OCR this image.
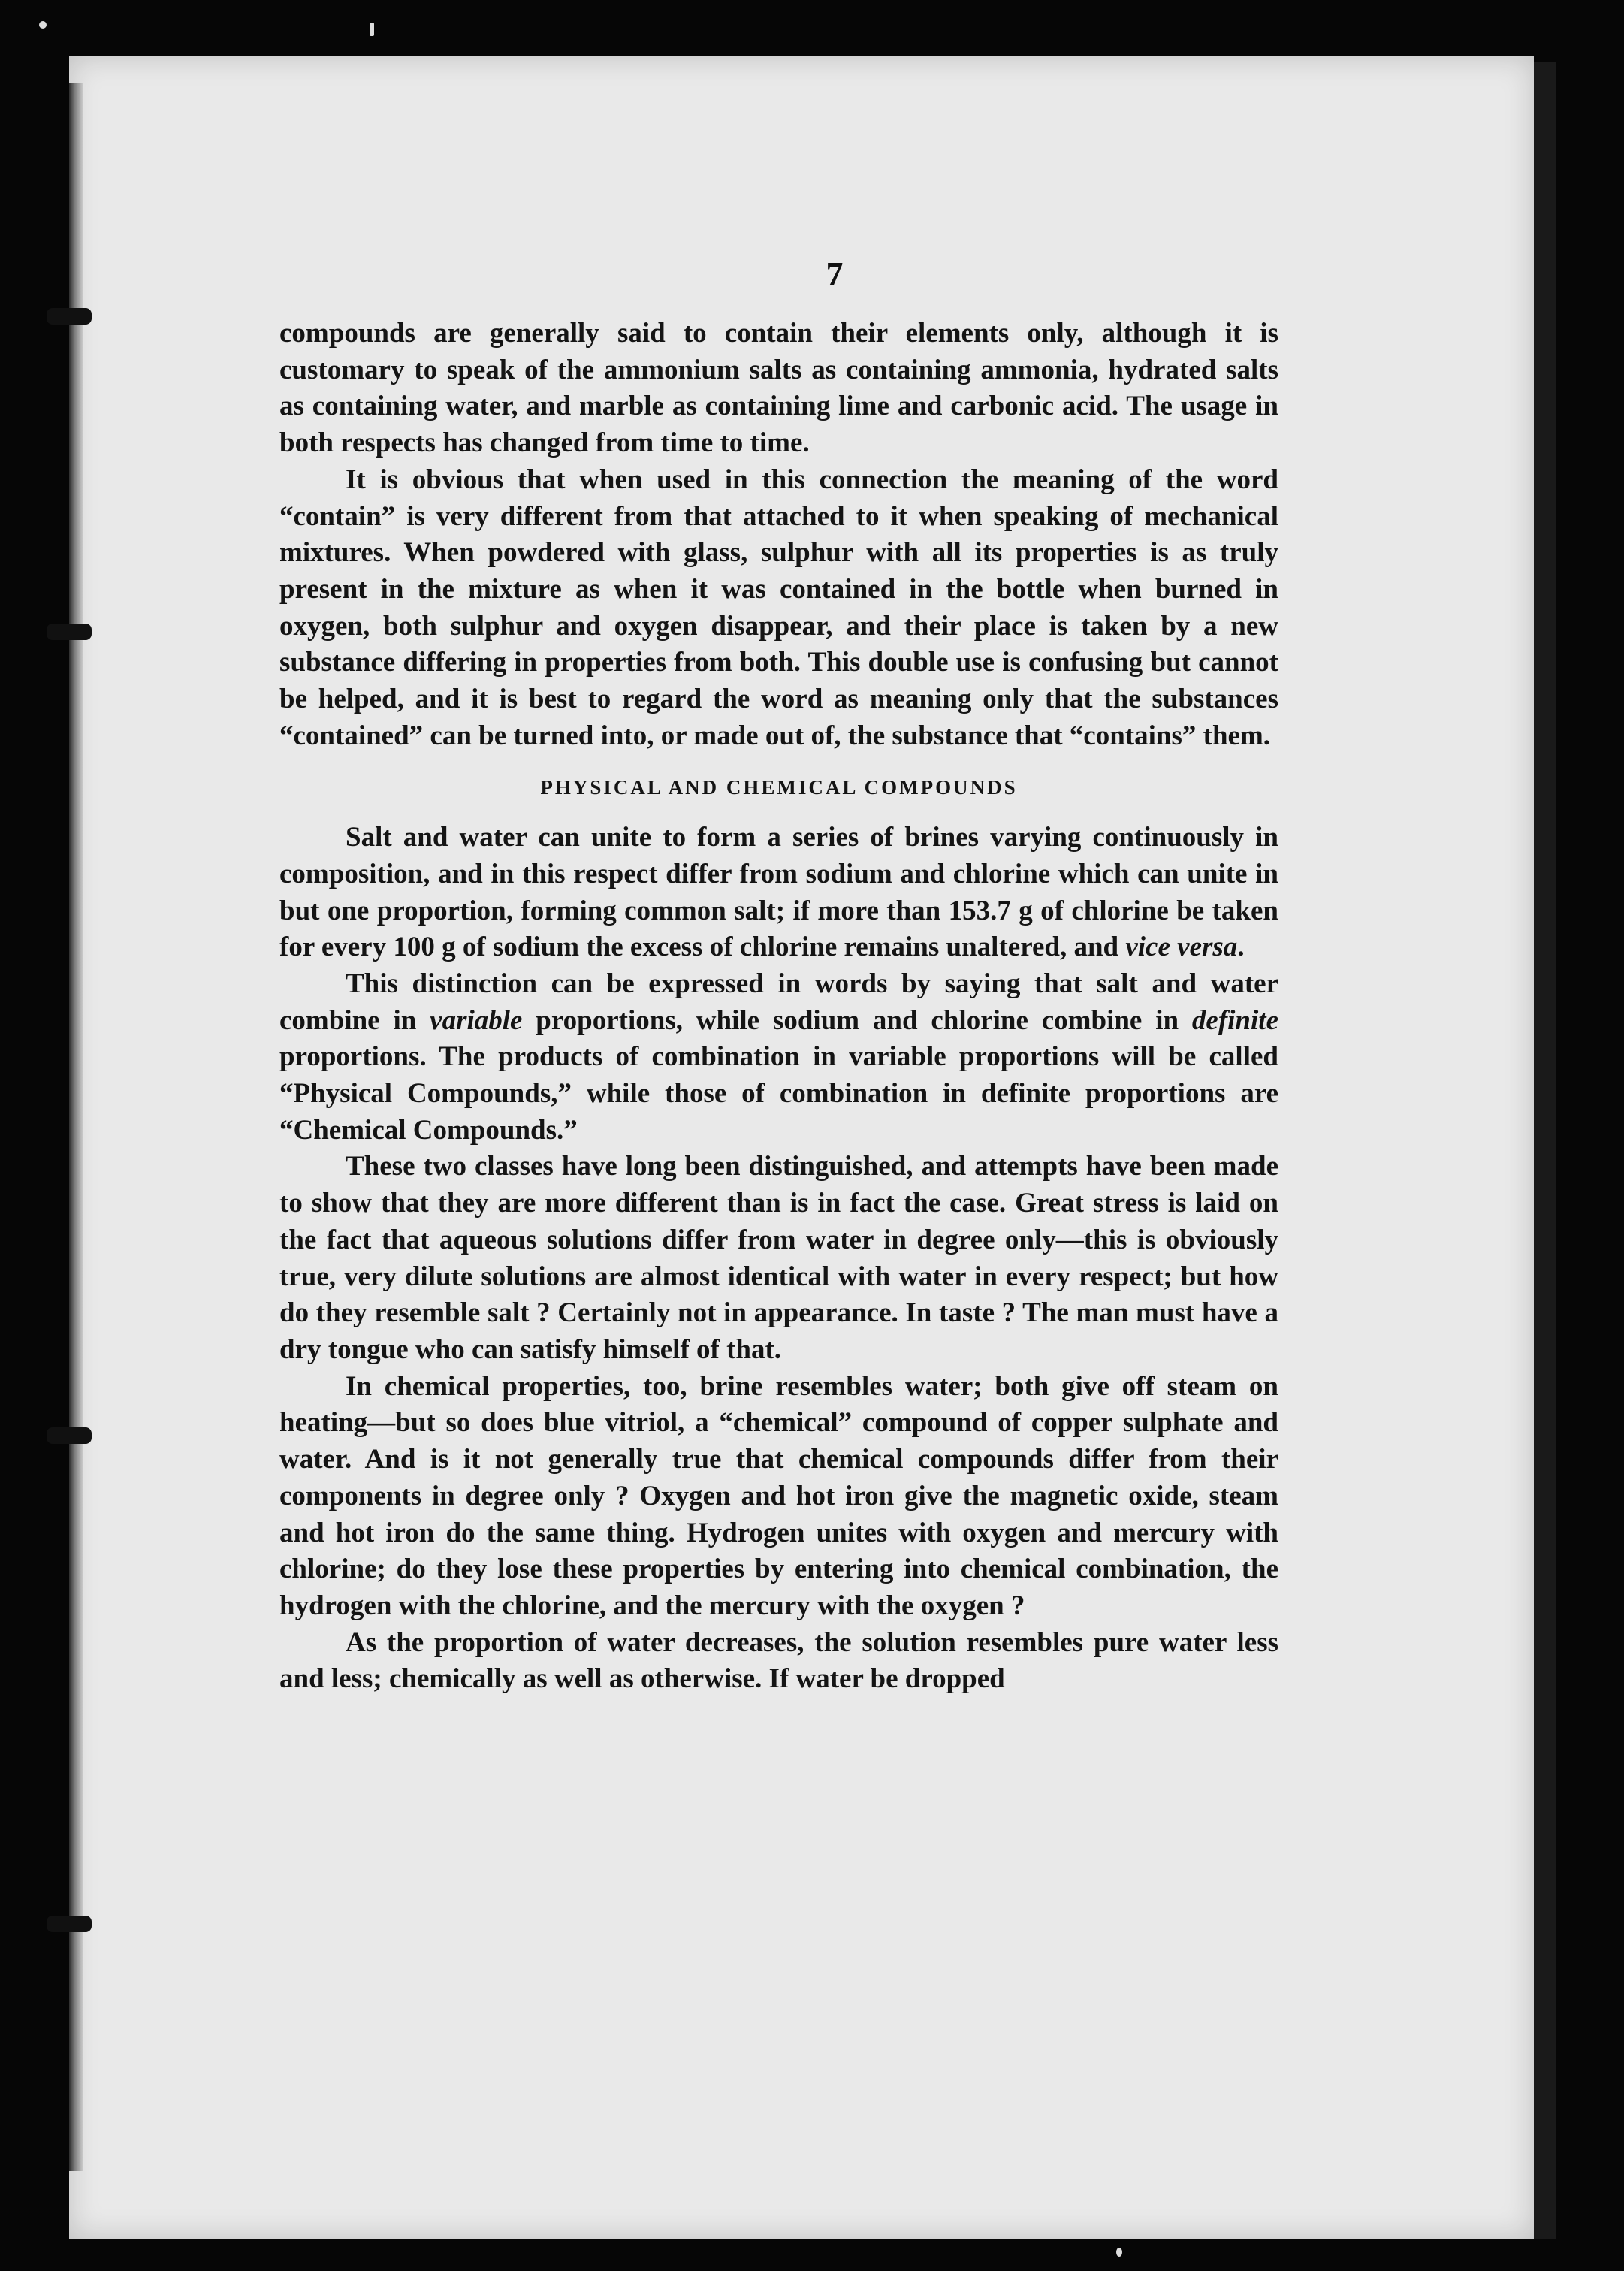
7

compounds are generally said to contain their elements only, although it is customary to speak of the ammonium salts as containing ammonia, hydrated salts as containing water, and marble as containing lime and carbonic acid. The usage in both respects has changed from time to time.

It is obvious that when used in this connection the meaning of the word “contain” is very different from that attached to it when speaking of mechanical mixtures. When powdered with glass, sulphur with all its properties is as truly present in the mixture as when it was contained in the bottle when burned in oxygen, both sulphur and oxygen disappear, and their place is taken by a new substance differing in properties from both. This double use is confusing but cannot be helped, and it is best to regard the word as meaning only that the substances “contained” can be turned into, or made out of, the substance that “contains” them.

PHYSICAL AND CHEMICAL COMPOUNDS

Salt and water can unite to form a series of brines varying continuously in composition, and in this respect differ from sodium and chlorine which can unite in but one proportion, forming common salt; if more than 153.7 g of chlorine be taken for every 100 g of sodium the excess of chlorine remains unaltered, and vice versa.

This distinction can be expressed in words by saying that salt and water combine in variable proportions, while sodium and chlorine combine in definite proportions. The products of combination in variable proportions will be called “Physical Compounds,” while those of combination in definite proportions are “Chemical Compounds.”

These two classes have long been distinguished, and attempts have been made to show that they are more different than is in fact the case. Great stress is laid on the fact that aqueous solutions differ from water in degree only—this is obviously true, very dilute solutions are almost identical with water in every respect; but how do they resemble salt ? Certainly not in appearance. In taste ? The man must have a dry tongue who can satisfy himself of that.

In chemical properties, too, brine resembles water; both give off steam on heating—but so does blue vitriol, a “chemical” compound of copper sulphate and water. And is it not generally true that chemical compounds differ from their components in degree only ? Oxygen and hot iron give the magnetic oxide, steam and hot iron do the same thing. Hydrogen unites with oxygen and mercury with chlorine; do they lose these properties by entering into chemical combination, the hydrogen with the chlorine, and the mercury with the oxygen ?

As the proportion of water decreases, the solution resembles pure water less and less; chemically as well as otherwise. If water be dropped
